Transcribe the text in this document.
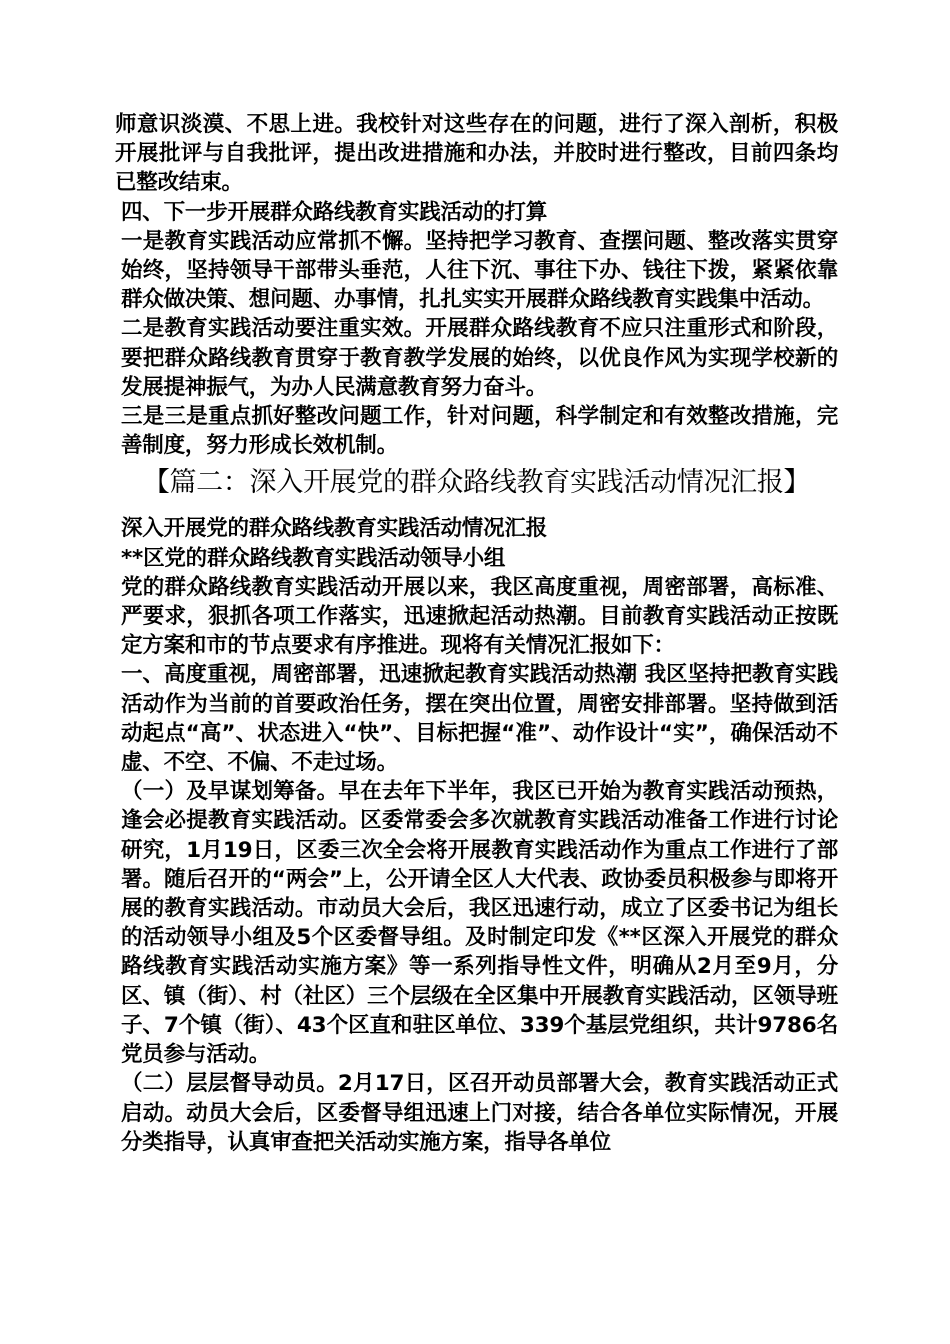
师意识淡漠、不思上进。我校针对这些存在的问题，进行了深入剖析，积极开展批评与自我批评，提出改进措施和办法，并胶时进行整改，目前四条均已整改结束。

四、下一步开展群众路线教育实践活动的打算

一是教育实践活动应常抓不懈。坚持把学习教育、查摆问题、整改落实贯穿始终，坚持领导干部带头垂范，人往下沉、事往下办、钱往下拨，紧紧依靠群众做决策、想问题、办事情，扎扎实实开展群众路线教育实践集中活动。

二是教育实践活动要注重实效。开展群众路线教育不应只注重形式和阶段，要把群众路线教育贯穿于教育教学发展的始终，以优良作风为实现学校新的发展提神振气，为办人民满意教育努力奋斗。

三是三是重点抓好整改问题工作，针对问题，科学制定和有效整改措施，完善制度，努力形成长效机制。

【篇二：深入开展党的群众路线教育实践活动情况汇报】

深入开展党的群众路线教育实践活动情况汇报

**区党的群众路线教育实践活动领导小组

党的群众路线教育实践活动开展以来，我区高度重视，周密部署，高标准、严要求，狠抓各项工作落实，迅速掀起活动热潮。目前教育实践活动正按既定方案和市的节点要求有序推进。现将有关情况汇报如下：

一、高度重视，周密部署，迅速掀起教育实践活动热潮 我区坚持把教育实践活动作为当前的首要政治任务，摆在突出位置，周密安排部署。坚持做到活动起点“高”、状态进入“快”、目标把握“准”、动作设计“实”，确保活动不虚、不空、不偏、不走过场。

（一）及早谋划筹备。早在去年下半年，我区已开始为教育实践活动预热，逢会必提教育实践活动。区委常委会多次就教育实践活动准备工作进行讨论研究，1月19日，区委三次全会将开展教育实践活动作为重点工作进行了部署。随后召开的“两会”上，公开请全区人大代表、政协委员积极参与即将开展的教育实践活动。市动员大会后，我区迅速行动，成立了区委书记为组长的活动领导小组及5个区委督导组。及时制定印发《**区深入开展党的群众路线教育实践活动实施方案》等一系列指导性文件，明确从2月至9月，分区、镇（街）、村（社区）三个层级在全区集中开展教育实践活动，区领导班子、7个镇（街）、43个区直和驻区单位、339个基层党组织，共计9786名党员参与活动。

（二）层层督导动员。2月17日，区召开动员部署大会，教育实践活动正式启动。动员大会后，区委督导组迅速上门对接，结合各单位实际情况，开展分类指导，认真审查把关活动实施方案，指导各单位
